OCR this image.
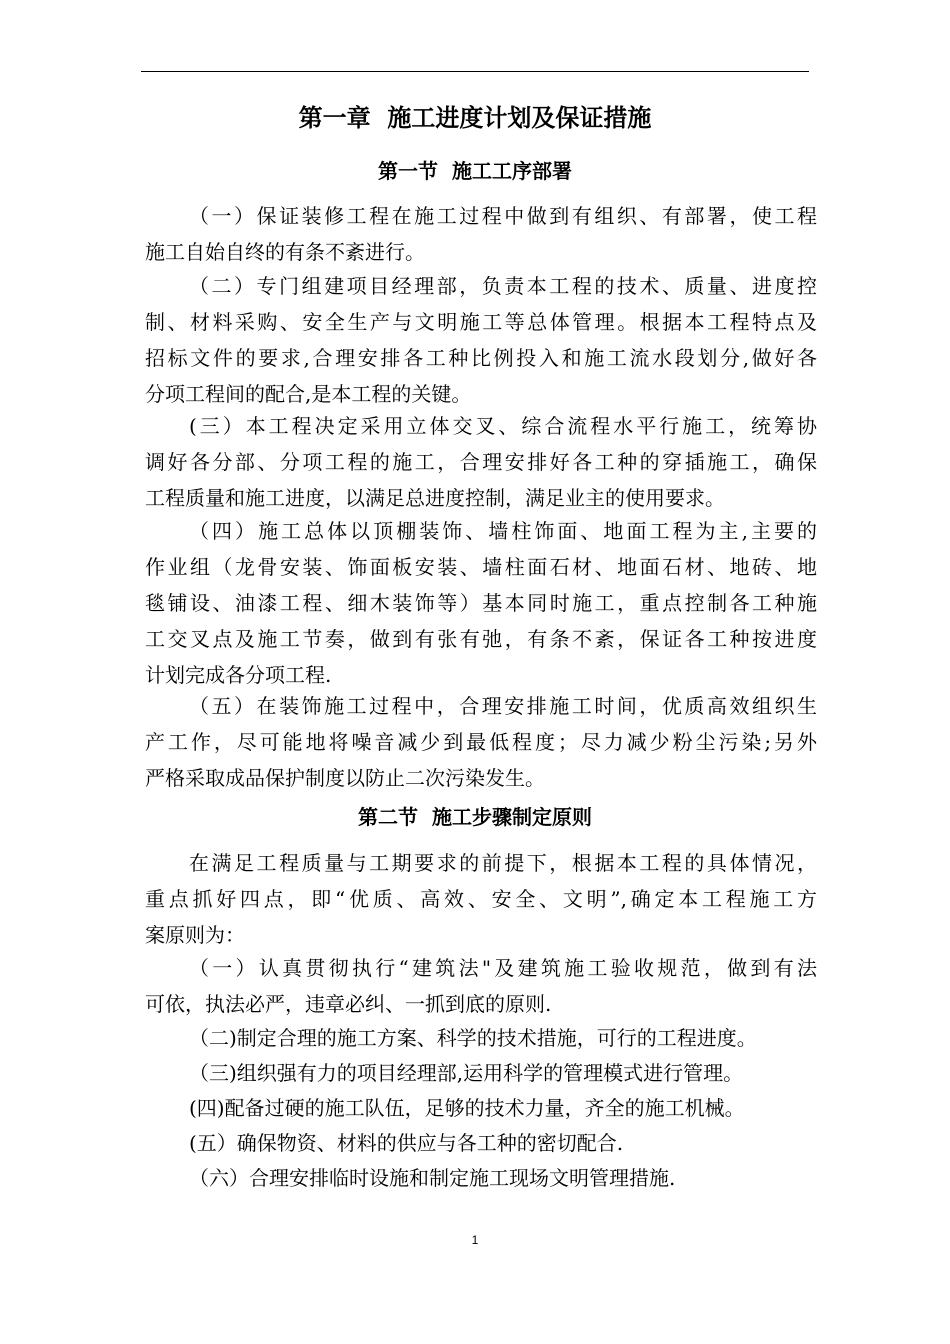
第一章  施工进度计划及保证措施
第一节  施工工序部署
（一）保证装修工程在施工过程中做到有组织、有部署，使工程
施工自始自终的有条不紊进行。
（二）专门组建项目经理部，负责本工程的技术、质量、进度控
制、材料采购、安全生产与文明施工等总体管理。根据本工程特点及
招标文件的要求,合理安排各工种比例投入和施工流水段划分,做好各
分项工程间的配合,是本工程的关键。
(三）本工程决定采用立体交叉、综合流程水平行施工，统筹协
调好各分部、分项工程的施工，合理安排好各工种的穿插施工，确保
工程质量和施工进度，以满足总进度控制，满足业主的使用要求。
（四）施工总体以顶棚装饰、墙柱饰面、地面工程为主,主要的
作业组（龙骨安装、饰面板安装、墙柱面石材、地面石材、地砖、地
毯铺设、油漆工程、细木装饰等）基本同时施工，重点控制各工种施
工交叉点及施工节奏，做到有张有弛，有条不紊，保证各工种按进度
计划完成各分项工程.
（五）在装饰施工过程中，合理安排施工时间，优质高效组织生
产工作，尽可能地将噪音减少到最低程度；尽力减少粉尘污染;另外
严格采取成品保护制度以防止二次污染发生。
第二节  施工步骤制定原则
在满足工程质量与工期要求的前提下，根据本工程的具体情况，
重点抓好四点，即“优质、高效、安全、文明”,确定本工程施工方
案原则为：
（一）认真贯彻执行“建筑法"及建筑施工验收规范，做到有法
可依，执法必严，违章必纠、一抓到底的原则.
（二)制定合理的施工方案、科学的技术措施，可行的工程进度。
（三)组织强有力的项目经理部,运用科学的管理模式进行管理。
(四)配备过硬的施工队伍，足够的技术力量，齐全的施工机械。
(五）确保物资、材料的供应与各工种的密切配合.
（六）合理安排临时设施和制定施工现场文明管理措施.
1
